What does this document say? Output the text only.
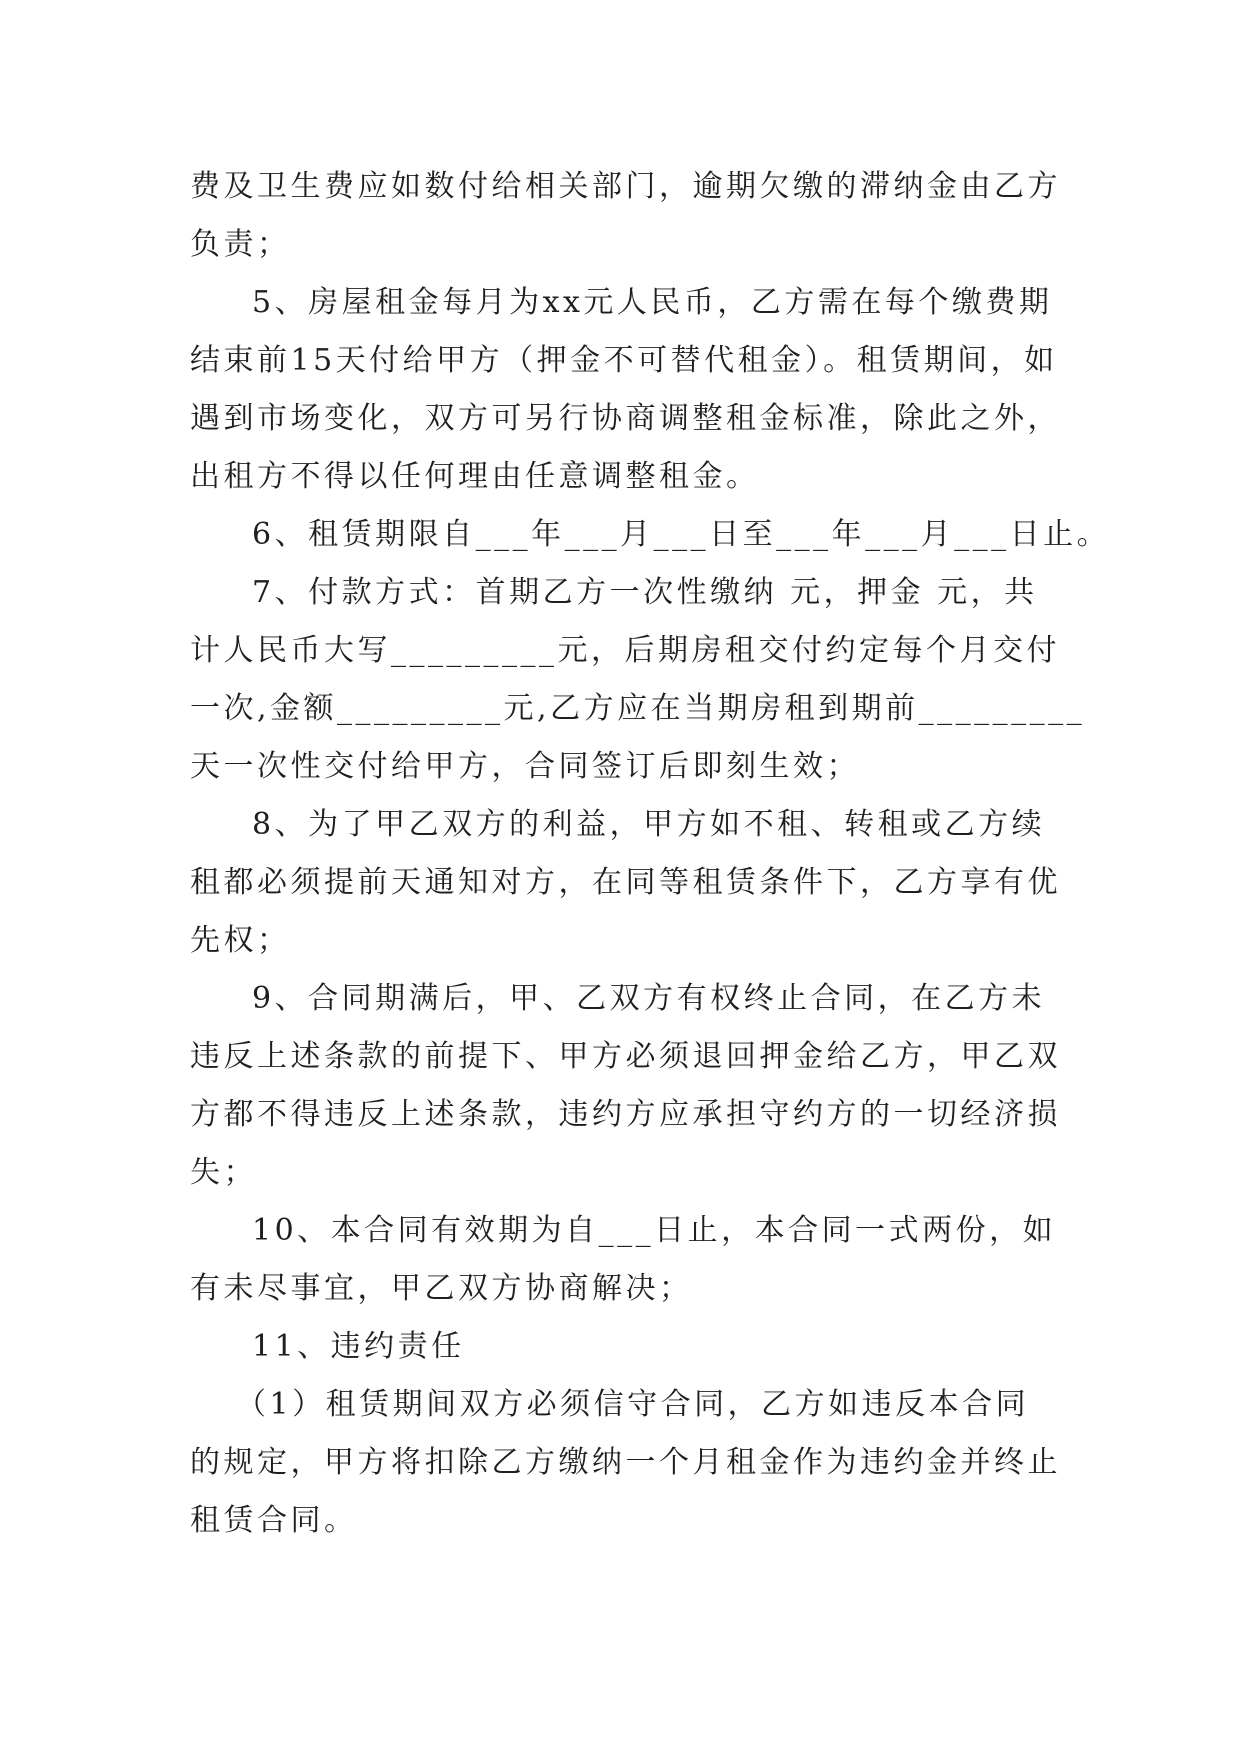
费及卫生费应如数付给相关部门，逾期欠缴的滞纳金由乙方
负责；
5、房屋租金每月为xx元人民币，乙方需在每个缴费期
结束前15天付给甲方（押金不可替代租金）。租赁期间，如
遇到市场变化，双方可另行协商调整租金标准，除此之外，
出租方不得以任何理由任意调整租金。
6、租赁期限自___年___月___日至___年___月___日止。
7、付款方式：首期乙方一次性缴纳 元，押金 元，共
计人民币大写_________元，后期房租交付约定每个月交付
一次,金额_________元,乙方应在当期房租到期前_________
天一次性交付给甲方，合同签订后即刻生效；
8、为了甲乙双方的利益，甲方如不租、转租或乙方续
租都必须提前天通知对方，在同等租赁条件下，乙方享有优
先权；
9、合同期满后，甲、乙双方有权终止合同，在乙方未
违反上述条款的前提下、甲方必须退回押金给乙方，甲乙双
方都不得违反上述条款，违约方应承担守约方的一切经济损
失；
10、本合同有效期为自___日止，本合同一式两份，如
有未尽事宜，甲乙双方协商解决；
11、违约责任
（1）租赁期间双方必须信守合同，乙方如违反本合同
的规定，甲方将扣除乙方缴纳一个月租金作为违约金并终止
租赁合同。
